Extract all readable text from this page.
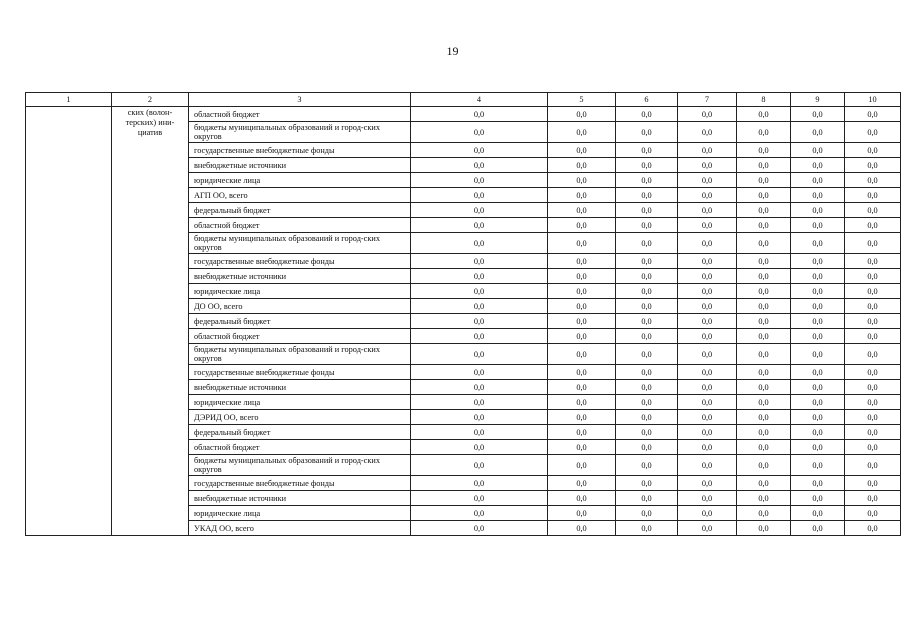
19
1	2	3	4	5	6	7	8	9	10
	ских (волон-терских) ини-циатив	областной бюджет	0,0	0,0	0,0	0,0	0,0	0,0	0,0
		бюджеты муниципальных образований и город-ских округов	0,0	0,0	0,0	0,0	0,0	0,0	0,0
		государственные внебюджетные фонды	0,0	0,0	0,0	0,0	0,0	0,0	0,0
		внебюджетные источники	0,0	0,0	0,0	0,0	0,0	0,0	0,0
		юридические лица	0,0	0,0	0,0	0,0	0,0	0,0	0,0
		АГП ОО, всего	0,0	0,0	0,0	0,0	0,0	0,0	0,0
		федеральный бюджет	0,0	0,0	0,0	0,0	0,0	0,0	0,0
		областной бюджет	0,0	0,0	0,0	0,0	0,0	0,0	0,0
		бюджеты муниципальных образований и город-ских округов	0,0	0,0	0,0	0,0	0,0	0,0	0,0
		государственные внебюджетные фонды	0,0	0,0	0,0	0,0	0,0	0,0	0,0
		внебюджетные источники	0,0	0,0	0,0	0,0	0,0	0,0	0,0
		юридические лица	0,0	0,0	0,0	0,0	0,0	0,0	0,0
		ДО ОО, всего	0,0	0,0	0,0	0,0	0,0	0,0	0,0
		федеральный бюджет	0,0	0,0	0,0	0,0	0,0	0,0	0,0
		областной бюджет	0,0	0,0	0,0	0,0	0,0	0,0	0,0
		бюджеты муниципальных образований и город-ских округов	0,0	0,0	0,0	0,0	0,0	0,0	0,0
		государственные внебюджетные фонды	0,0	0,0	0,0	0,0	0,0	0,0	0,0
		внебюджетные источники	0,0	0,0	0,0	0,0	0,0	0,0	0,0
		юридические лица	0,0	0,0	0,0	0,0	0,0	0,0	0,0
		ДЭРИД ОО, всего	0,0	0,0	0,0	0,0	0,0	0,0	0,0
		федеральный бюджет	0,0	0,0	0,0	0,0	0,0	0,0	0,0
		областной бюджет	0,0	0,0	0,0	0,0	0,0	0,0	0,0
		бюджеты муниципальных образований и город-ских округов	0,0	0,0	0,0	0,0	0,0	0,0	0,0
		государственные внебюджетные фонды	0,0	0,0	0,0	0,0	0,0	0,0	0,0
		внебюджетные источники	0,0	0,0	0,0	0,0	0,0	0,0	0,0
		юридические лица	0,0	0,0	0,0	0,0	0,0	0,0	0,0
		УКАД ОО, всего	0,0	0,0	0,0	0,0	0,0	0,0	0,0
